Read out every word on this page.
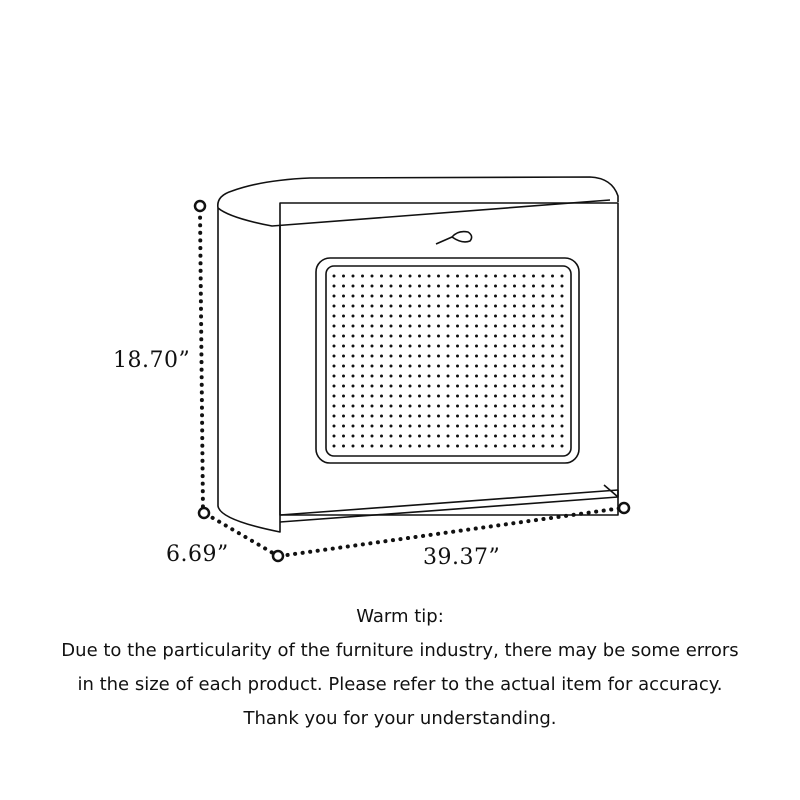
18.70”
6.69”	39.37”
Warm tip:
Due to the particularity of the furniture industry, there may be some errors
in the size of each product. Please refer to the actual item for accuracy.
Thank you for your understanding.
